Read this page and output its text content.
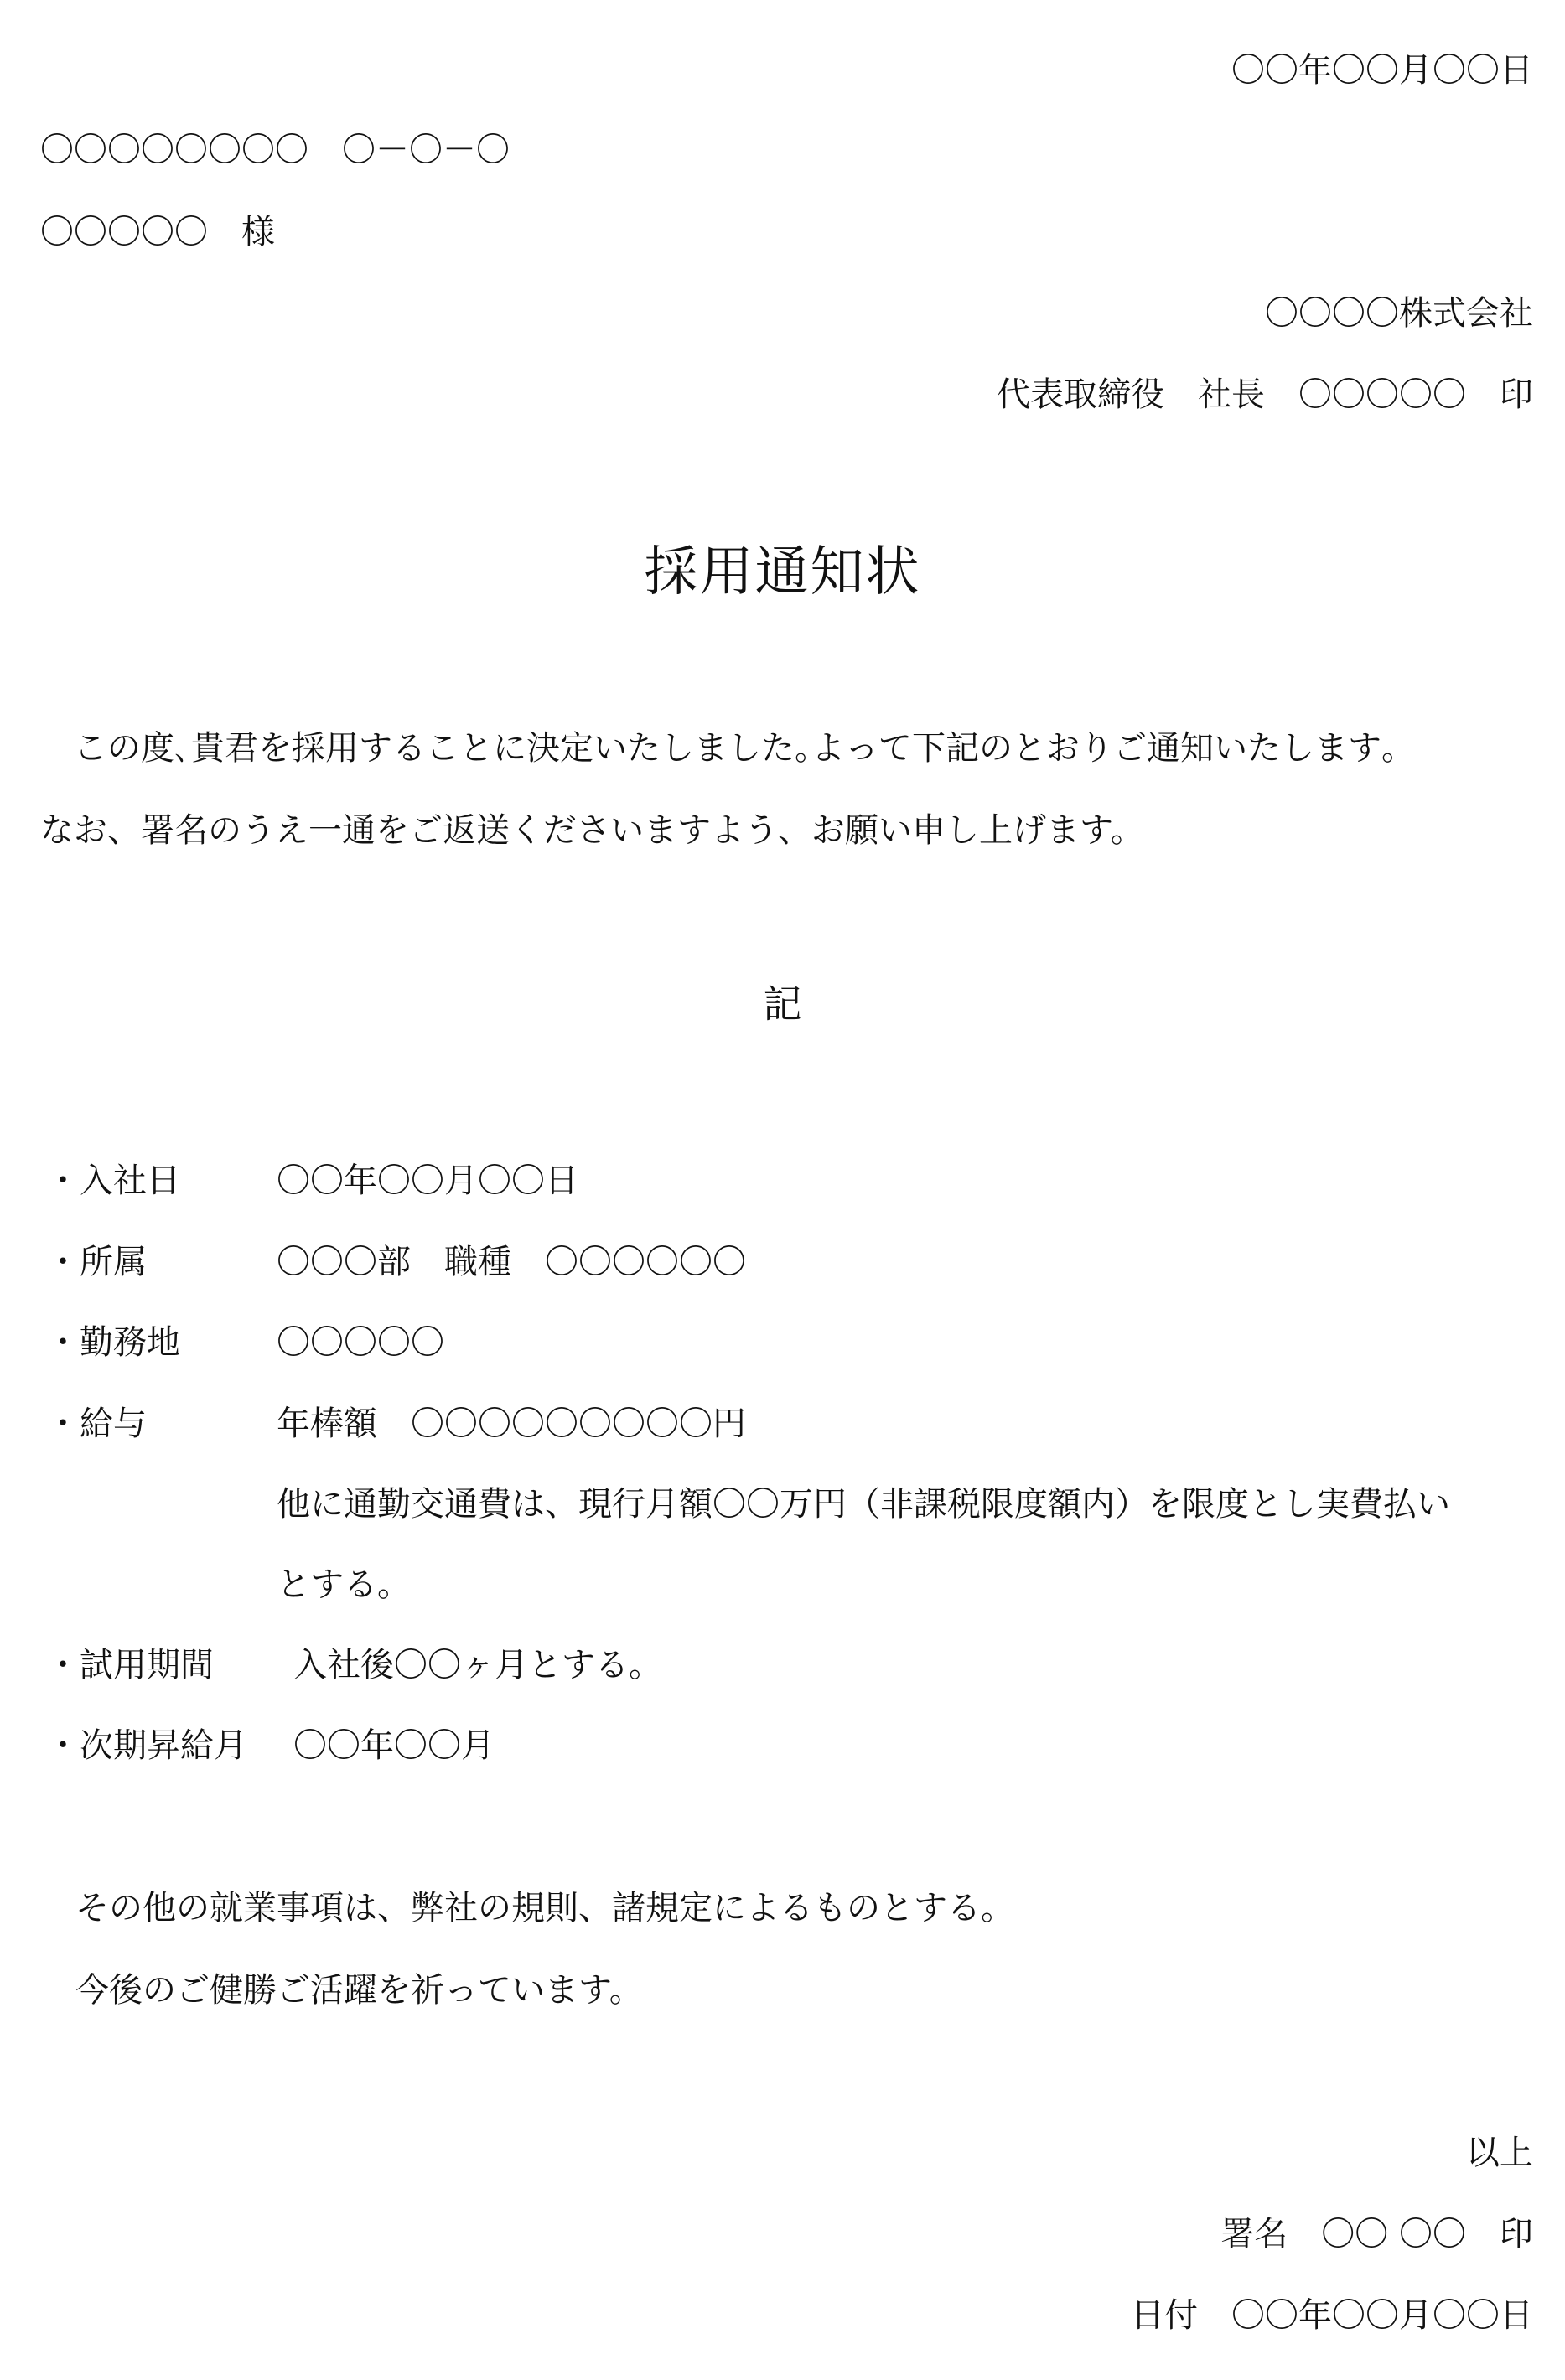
〇〇年〇〇月〇〇日
〇〇〇〇〇〇〇〇　〇－〇－〇
〇〇〇〇〇　様
〇〇〇〇株式会社
代表取締役　社長　〇〇〇〇〇　印
採用通知状
　この度､貴君を採用することに決定いたしました｡よって下記のとおりご通知いたします｡
なお、署名のうえ一通をご返送くださいますよう、お願い申し上げます。
記
・入社日	〇〇年〇〇月〇〇日
・所属	〇〇〇部　職種　〇〇〇〇〇〇
・勤務地	〇〇〇〇〇
・給与	年棒額　〇〇〇〇〇〇〇〇〇円
他に通勤交通費は、現行月額〇〇万円（非課税限度額内）を限度とし実費払い
とする。
・試用期間 入社後〇〇ヶ月とする。
・次期昇給月 〇〇年〇〇月
その他の就業事項は、弊社の規則、諸規定によるものとする。
今後のご健勝ご活躍を祈っています。
以上
署名　〇〇 〇〇　印
日付　〇〇年〇〇月〇〇日
